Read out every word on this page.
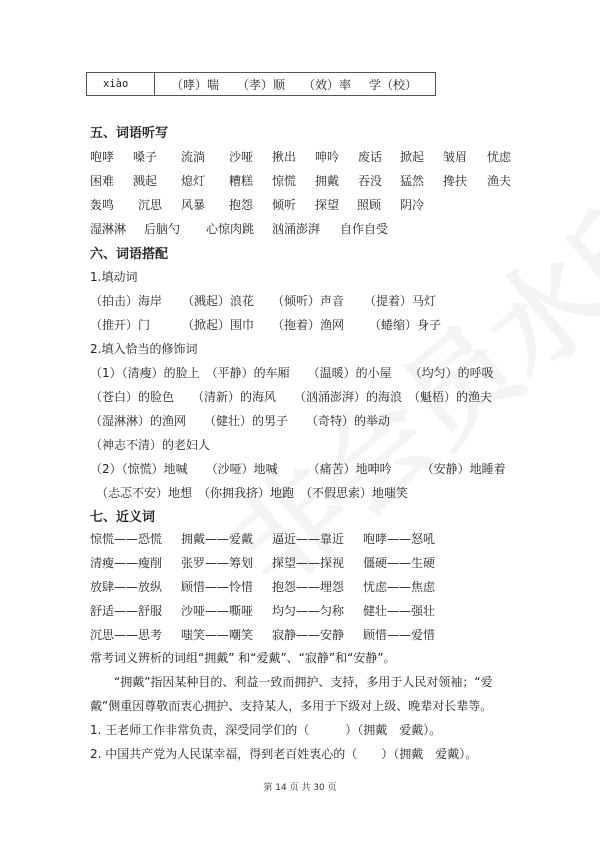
xiào	（哮）喘 （孝）顺 （效）率 学（校）
五、词语听写
咆哮 嗓子 流淌 沙哑 揪出 呻吟 废话 掀起 皱眉 忧虑
困难 溅起 熄灯 糟糕 惊慌 拥戴 吞没 猛然 搀扶 渔夫
轰鸣 沉思 风暴 抱怨 倾听 探望 照顾 阴冷
湿淋淋 后脑勺 心惊肉跳 汹涌澎湃 自作自受
六、词语搭配
1.填动词
（拍击）海岸 （溅起）浪花 （倾听）声音 （提着）马灯
（推开）门	（掀起）围巾 （拖着）渔网 （蜷缩）身子
2.填入恰当的修饰词
（1）（清瘦）的脸上　（平静）的车厢　　（温暖）的小屋　　（均匀）的呼吸
（苍白）的脸色　　（清新）的海风　　（汹涌澎湃）的海浪　（魁梧）的渔夫
（湿淋淋）的渔网　　（健壮）的男子　　（奇特）的举动
（神志不清）的老妇人
（2）（惊慌）地喊　　（沙哑）地喊　　　（痛苦）地呻吟　　　（安静）地睡着
　（忐忑不安）地想　（你拥我挤）地跑　（不假思索）地嗤笑
七、近义词
惊慌——恐慌 拥戴——爱戴 逼近——靠近 咆哮——怒吼
清瘦——瘦削 张罗——筹划 探望——探视 僵硬——生硬
放肆——放纵 顾惜——怜惜 抱怨——埋怨 忧虑——焦虑
舒适——舒服 沙哑——嘶哑 均匀——匀称 健壮——强壮
沉思——思考 嗤笑——嘲笑 寂静——安静 顾惜——爱惜
常考词义辨析的词组“拥戴” 和“爱戴”、“寂静”和“安静”。
　　“拥戴”指因某种目的、利益一致而拥护、支持，多用于人民对领袖；“爱
戴”侧重因尊敬而衷心拥护、支持某人，多用于下级对上级、晚辈对长辈等。
1. 王老师工作非常负责，深受同学们的（　　　）（拥戴　爱戴）。
2. 中国共产党为人民谋幸福，得到老百姓衷心的（　　）（拥戴　爱戴）。
第 14 页 共 30 页
